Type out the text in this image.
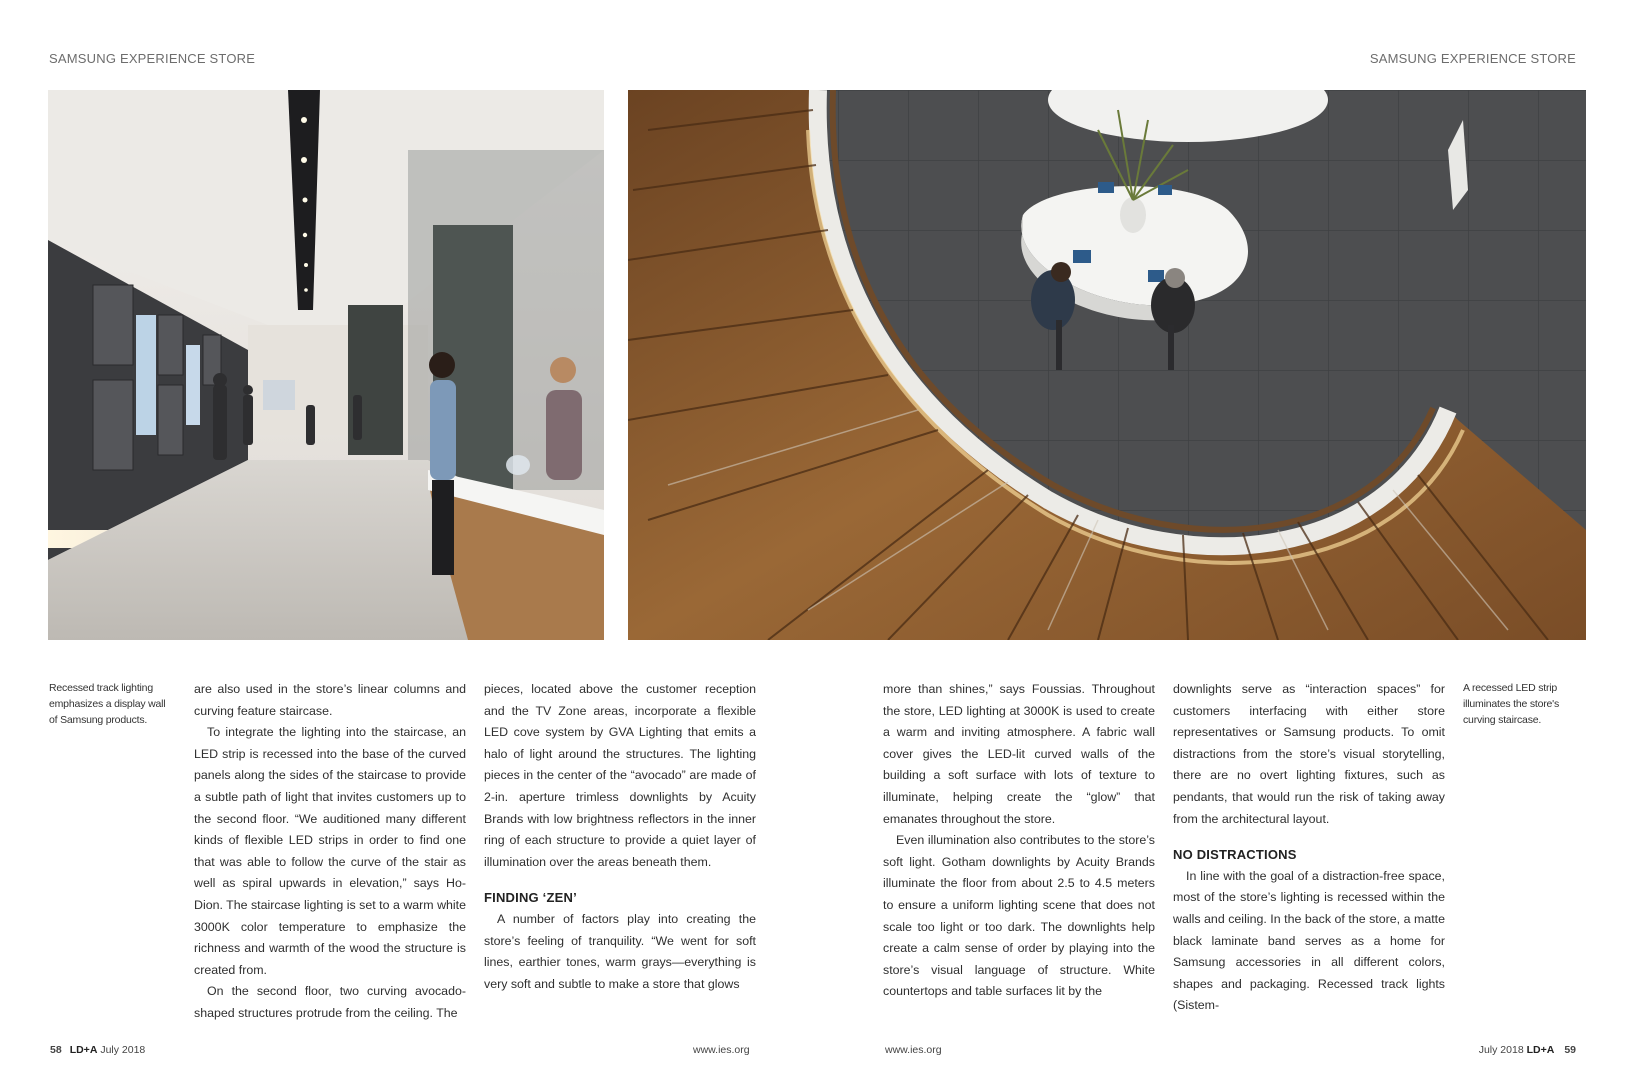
SAMSUNG EXPERIENCE STORE	SAMSUNG EXPERIENCE STORE
Recessed track lighting emphasizes a display wall of Samsung products.
A recessed LED strip illuminates the store's curving staircase.

are also used in the store’s linear columns and curving feature staircase.

To integrate the lighting into the staircase, an LED strip is recessed into the base of the curved panels along the sides of the staircase to provide a subtle path of light that invites customers up to the second floor. “We auditioned many different kinds of flexible LED strips in order to find one that was able to follow the curve of the stair as well as spiral upwards in elevation,” says Ho-Dion. The staircase lighting is set to a warm white 3000K color temperature to emphasize the richness and warmth of the wood the structure is created from.

On the second floor, two curving avocado-shaped structures protrude from the ceiling. The

pieces, located above the customer reception and the TV Zone areas, incorporate a flexible LED cove system by GVA Lighting that emits a halo of light around the structures. The lighting pieces in the center of the “avocado” are made of 2-in. aperture trimless downlights by Acuity Brands with low brightness reflectors in the inner ring of each structure to provide a quiet layer of illumination over the areas beneath them.

FINDING ‘ZEN’

A number of factors play into creating the store’s feeling of tranquility. “We went for soft lines, earthier tones, warm grays—everything is very soft and subtle to make a store that glows

more than shines,” says Foussias. Throughout the store, LED lighting at 3000K is used to create a warm and inviting atmosphere. A fabric wall cover gives the LED-lit curved walls of the building a soft surface with lots of texture to illuminate, helping create the “glow” that emanates throughout the store.

Even illumination also contributes to the store’s soft light. Gotham downlights by Acuity Brands illuminate the floor from about 2.5 to 4.5 meters to ensure a uniform lighting scene that does not scale too light or too dark. The downlights help create a calm sense of order by playing into the store’s visual language of structure. White countertops and table surfaces lit by the

downlights serve as “interaction spaces” for customers interfacing with either store representatives or Samsung products. To omit distractions from the store’s visual storytelling, there are no overt lighting fixtures, such as pendants, that would run the risk of taking away from the architectural layout.

NO DISTRACTIONS

In line with the goal of a distraction-free space, most of the store’s lighting is recessed within the walls and ceiling. In the back of the store, a matte black laminate band serves as a home for Samsung accessories in all different colors, shapes and packaging. Recessed track lights (Sistem-

58 LD+A July 2018	www.ies.org	www.ies.org	July 2018 LD+A 59
